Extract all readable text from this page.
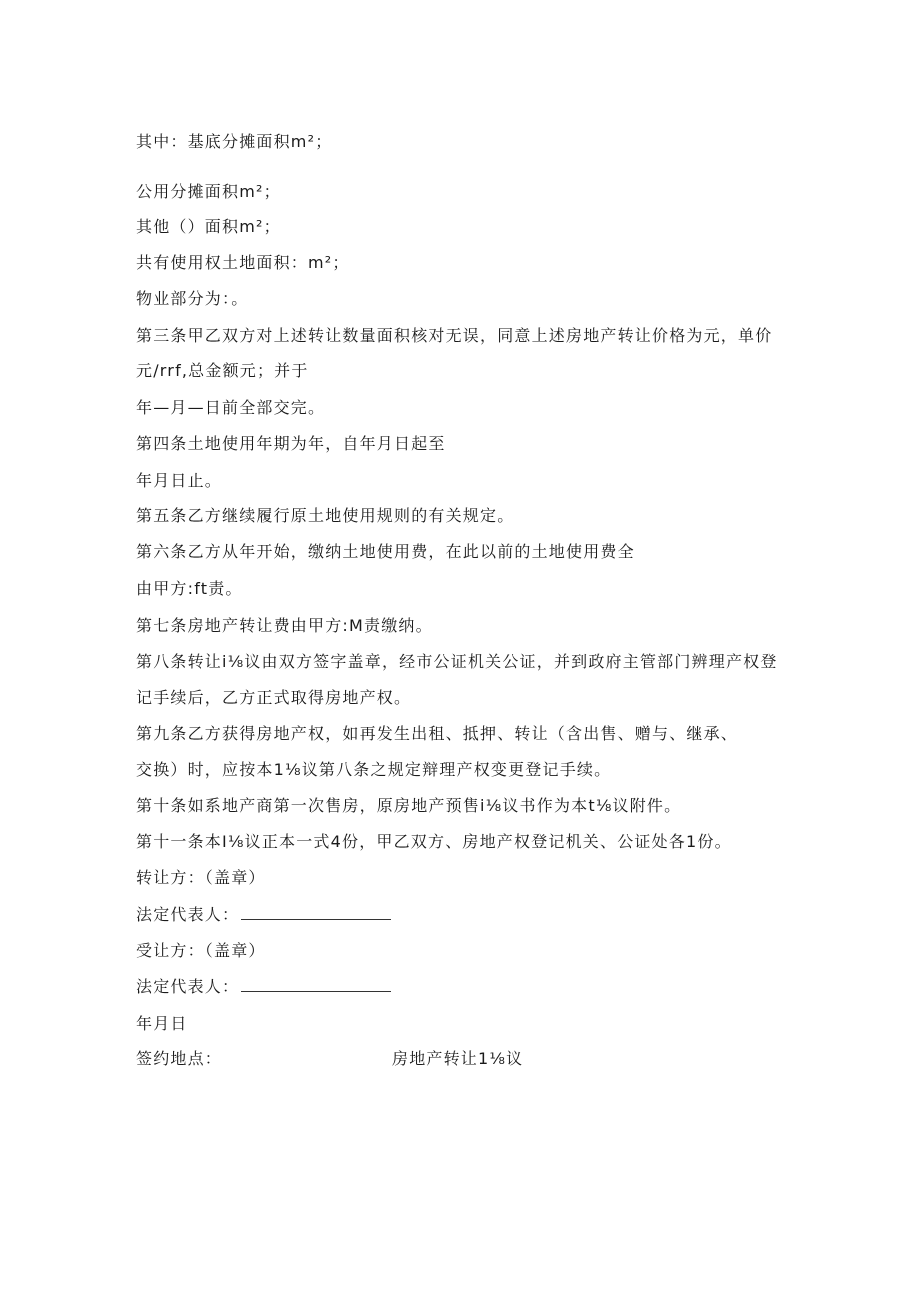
其中：基底分摊面积m²；
公用分摊面积m²；
其他（）面积m²；
共有使用权土地面积：m²；
物业部分为：。
第三条甲乙双方对上述转让数量面积核对无误，同意上述房地产转让价格为元，单价
元∕rrf,总金额元；并于
年—月—日前全部交完。
第四条土地使用年期为年，自年月日起至
年月日止。
第五条乙方继续履行原土地使用规则的有关规定。
第六条乙方从年开始，缴纳土地使用费，在此以前的土地使用费全
由甲方:ft责。
第七条房地产转让费由甲方:M责缴纳。
第八条转让i⅛议由双方签字盖章，经市公证机关公证，并到政府主管部门辨理产权登
记手续后，乙方正式取得房地产权。
第九条乙方获得房地产权，如再发生出租、抵押、转让（含出售、赠与、继承、
交换）时，应按本1⅛议第八条之规定辩理产权变更登记手续。
第十条如系地产商第一次售房，原房地产预售i⅛议书作为本t⅛议附件。
第十一条本I⅛议正本一式4份，甲乙双方、房地产权登记机关、公证处各1份。
转让方：（盖章）
法定代表人：
受让方：（盖章）
法定代表人：
年月日
签约地点：	房地产转让1⅛议
